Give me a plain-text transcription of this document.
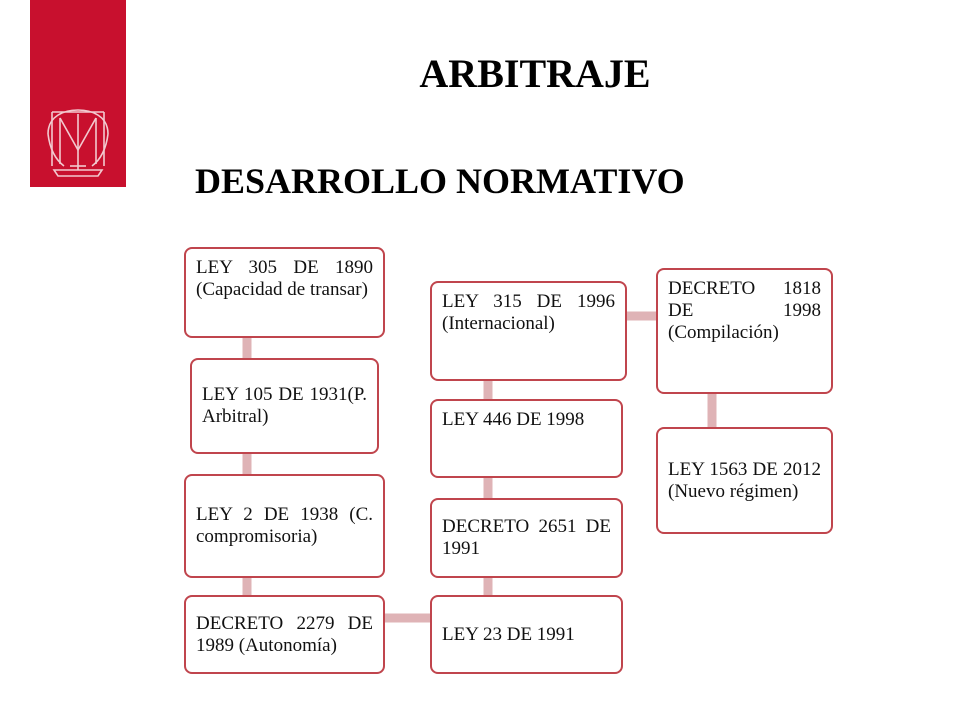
ARBITRAJE
DESARROLLO NORMATIVO
LEY 305 DE 1890 (Capacidad de transar)
LEY 105 DE 1931(P. Arbitral)
LEY 2 DE 1938 (C. compromisoria)
DECRETO 2279 DE 1989 (Autonomía)
LEY 23 DE 1991
DECRETO 2651 DE 1991
LEY 446 DE 1998
LEY 315 DE 1996 (Internacional)
DECRETO 1818 DE 1998 (Compilación)
LEY 1563 DE 2012 (Nuevo régimen)
